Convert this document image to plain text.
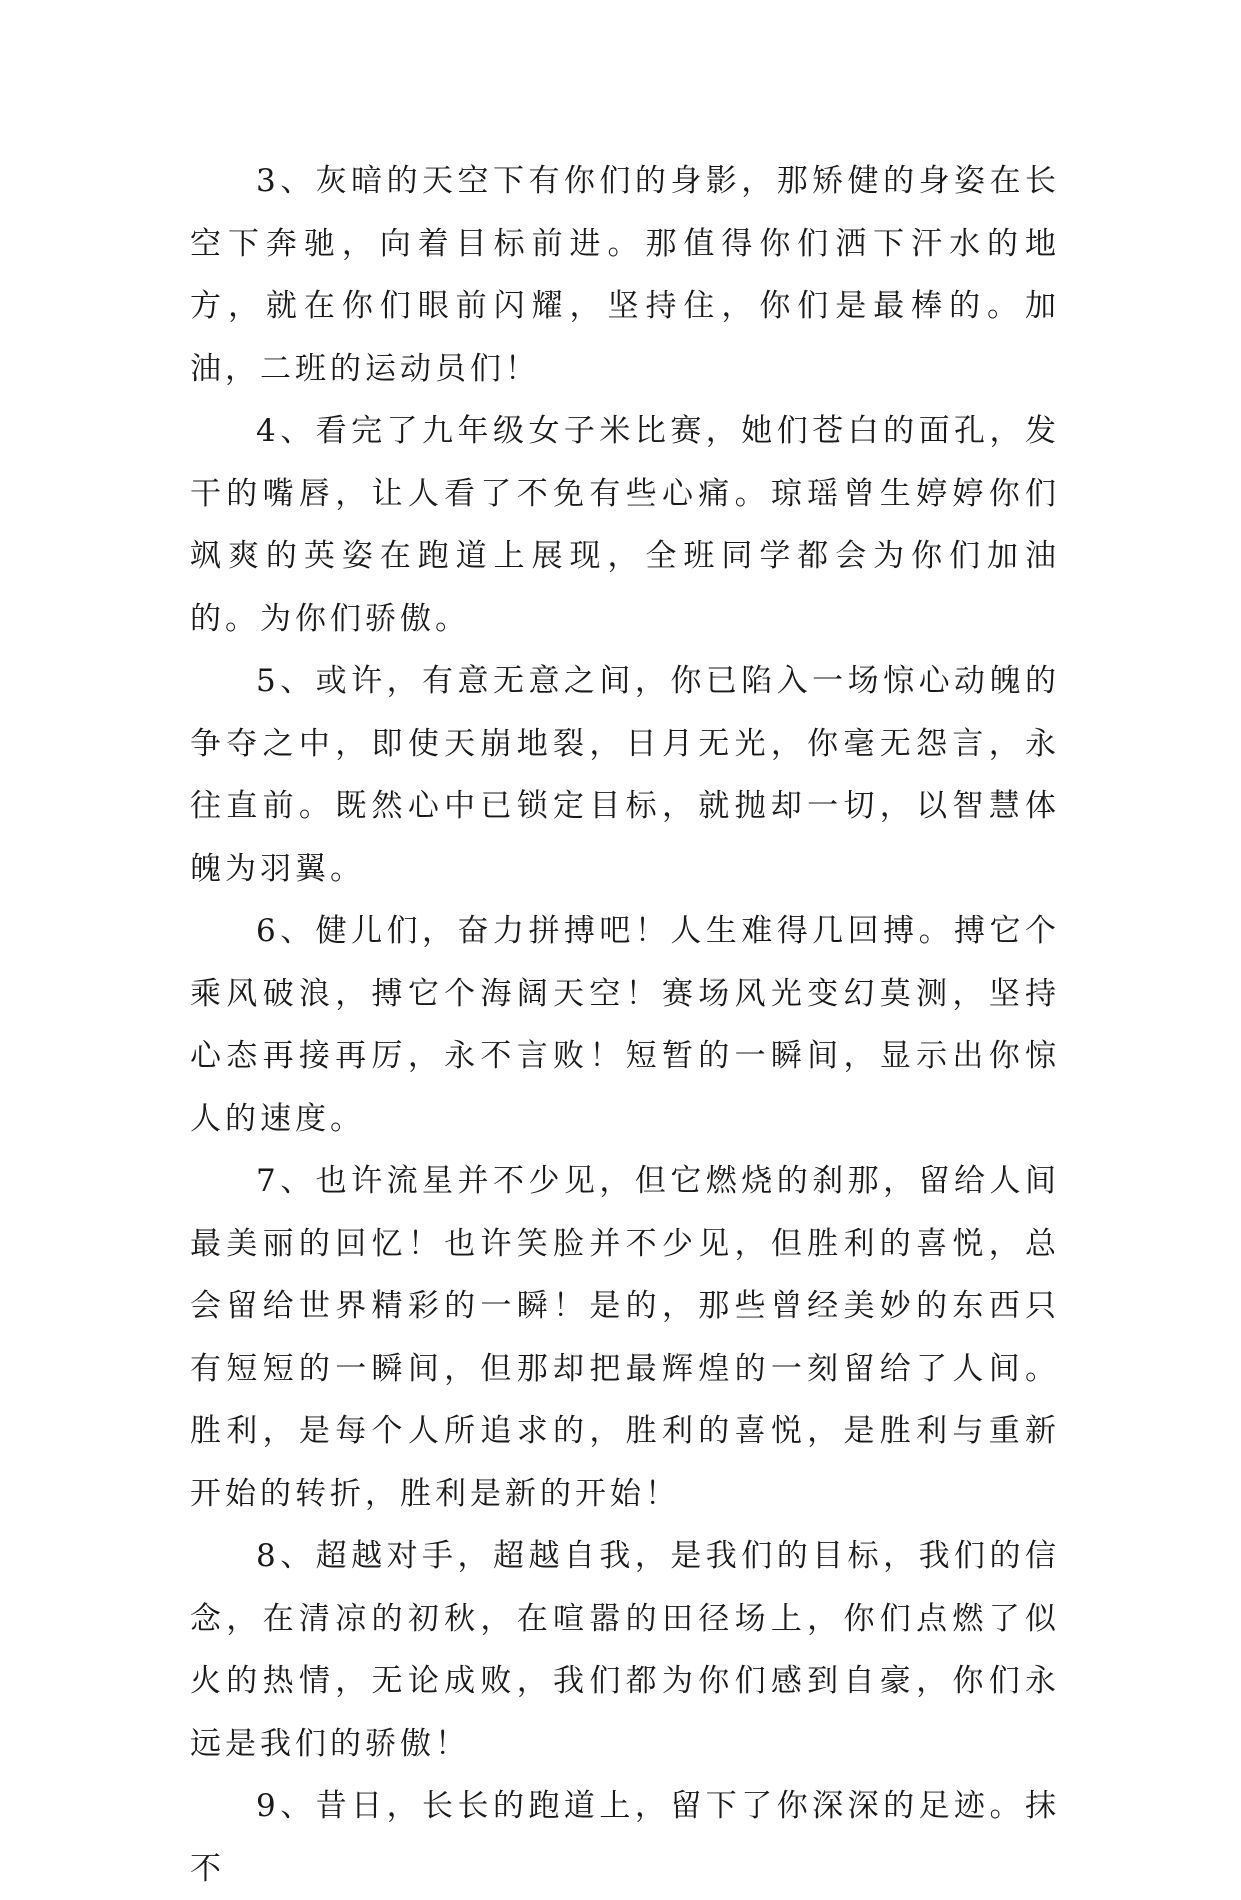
3、灰暗的天空下有你们的身影，那矫健的身姿在长空下奔驰，向着目标前进。那值得你们洒下汗水的地方，就在你们眼前闪耀，坚持住，你们是最棒的。加油，二班的运动员们！

4、看完了九年级女子米比赛，她们苍白的面孔，发干的嘴唇，让人看了不免有些心痛。琼瑶曾生婷婷你们飒爽的英姿在跑道上展现，全班同学都会为你们加油的。为你们骄傲。

5、或许，有意无意之间，你已陷入一场惊心动魄的争夺之中，即使天崩地裂，日月无光，你毫无怨言，永往直前。既然心中已锁定目标，就抛却一切，以智慧体魄为羽翼。

6、健儿们，奋力拼搏吧！人生难得几回搏。搏它个乘风破浪，搏它个海阔天空！赛场风光变幻莫测，坚持心态再接再厉，永不言败！短暂的一瞬间，显示出你惊人的速度。

7、也许流星并不少见，但它燃烧的刹那，留给人间最美丽的回忆！也许笑脸并不少见，但胜利的喜悦，总会留给世界精彩的一瞬！是的，那些曾经美妙的东西只有短短的一瞬间，但那却把最辉煌的一刻留给了人间。胜利，是每个人所追求的，胜利的喜悦，是胜利与重新开始的转折，胜利是新的开始！

8、超越对手，超越自我，是我们的目标，我们的信念，在清凉的初秋，在喧嚣的田径场上，你们点燃了似火的热情，无论成败，我们都为你们感到自豪，你们永远是我们的骄傲！

9、昔日，长长的跑道上，留下了你深深的足迹。抹不
